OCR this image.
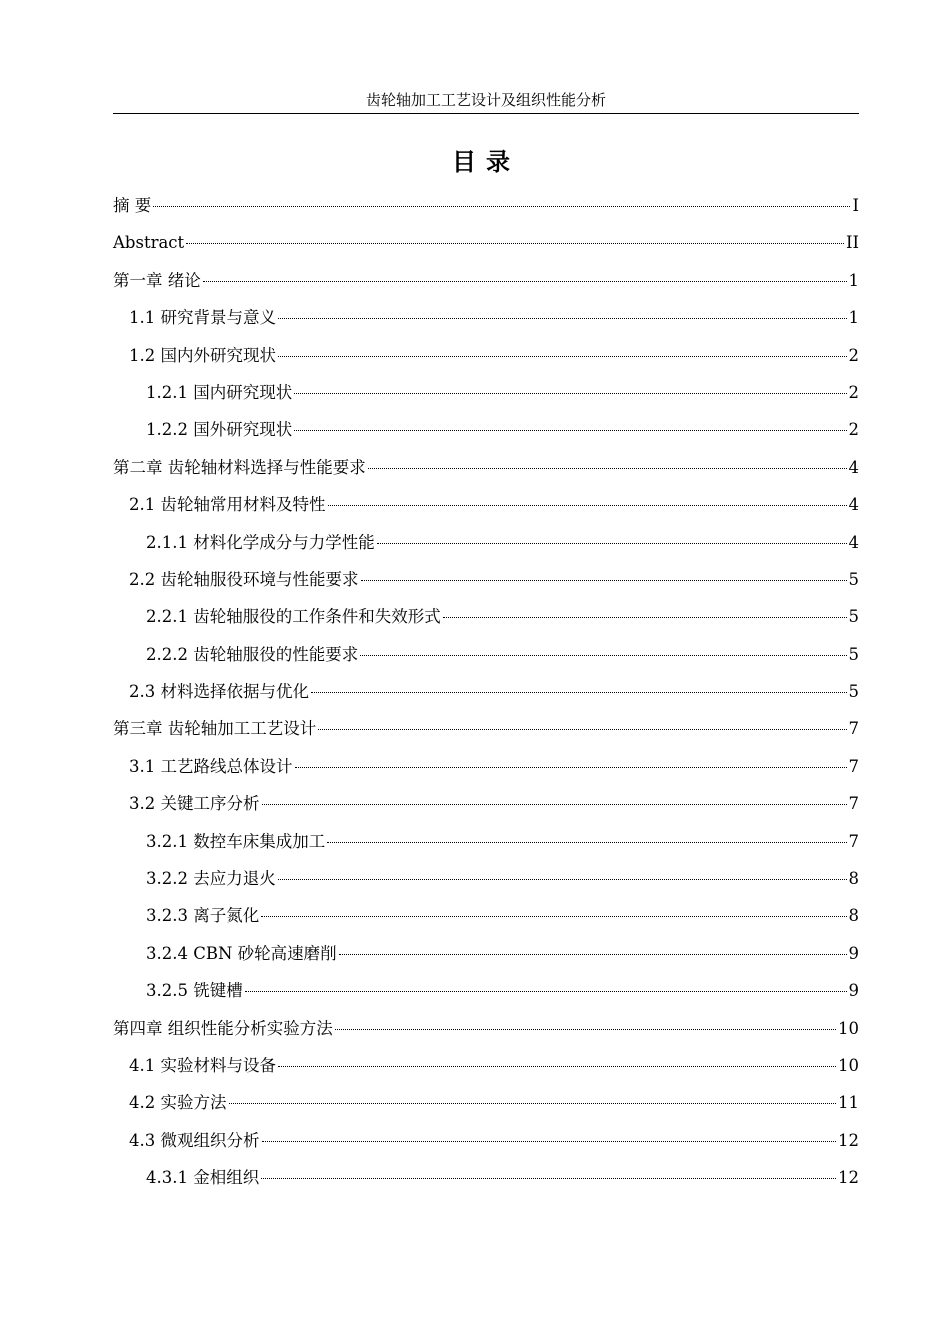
齿轮轴加工工艺设计及组织性能分析
目录
摘 要	I
Abstract	II
第一章 绪论	1
1.1 研究背景与意义	1
1.2 国内外研究现状	2
1.2.1 国内研究现状	2
1.2.2 国外研究现状	2
第二章 齿轮轴材料选择与性能要求	4
2.1 齿轮轴常用材料及特性	4
2.1.1 材料化学成分与力学性能	4
2.2 齿轮轴服役环境与性能要求	5
2.2.1 齿轮轴服役的工作条件和失效形式	5
2.2.2 齿轮轴服役的性能要求	5
2.3 材料选择依据与优化	5
第三章 齿轮轴加工工艺设计	7
3.1 工艺路线总体设计	7
3.2 关键工序分析	7
3.2.1 数控车床集成加工	7
3.2.2 去应力退火	8
3.2.3 离子氮化	8
3.2.4 CBN 砂轮高速磨削	9
3.2.5 铣键槽	9
第四章 组织性能分析实验方法	10
4.1 实验材料与设备	10
4.2 实验方法	11
4.3 微观组织分析	12
4.3.1 金相组织	12
